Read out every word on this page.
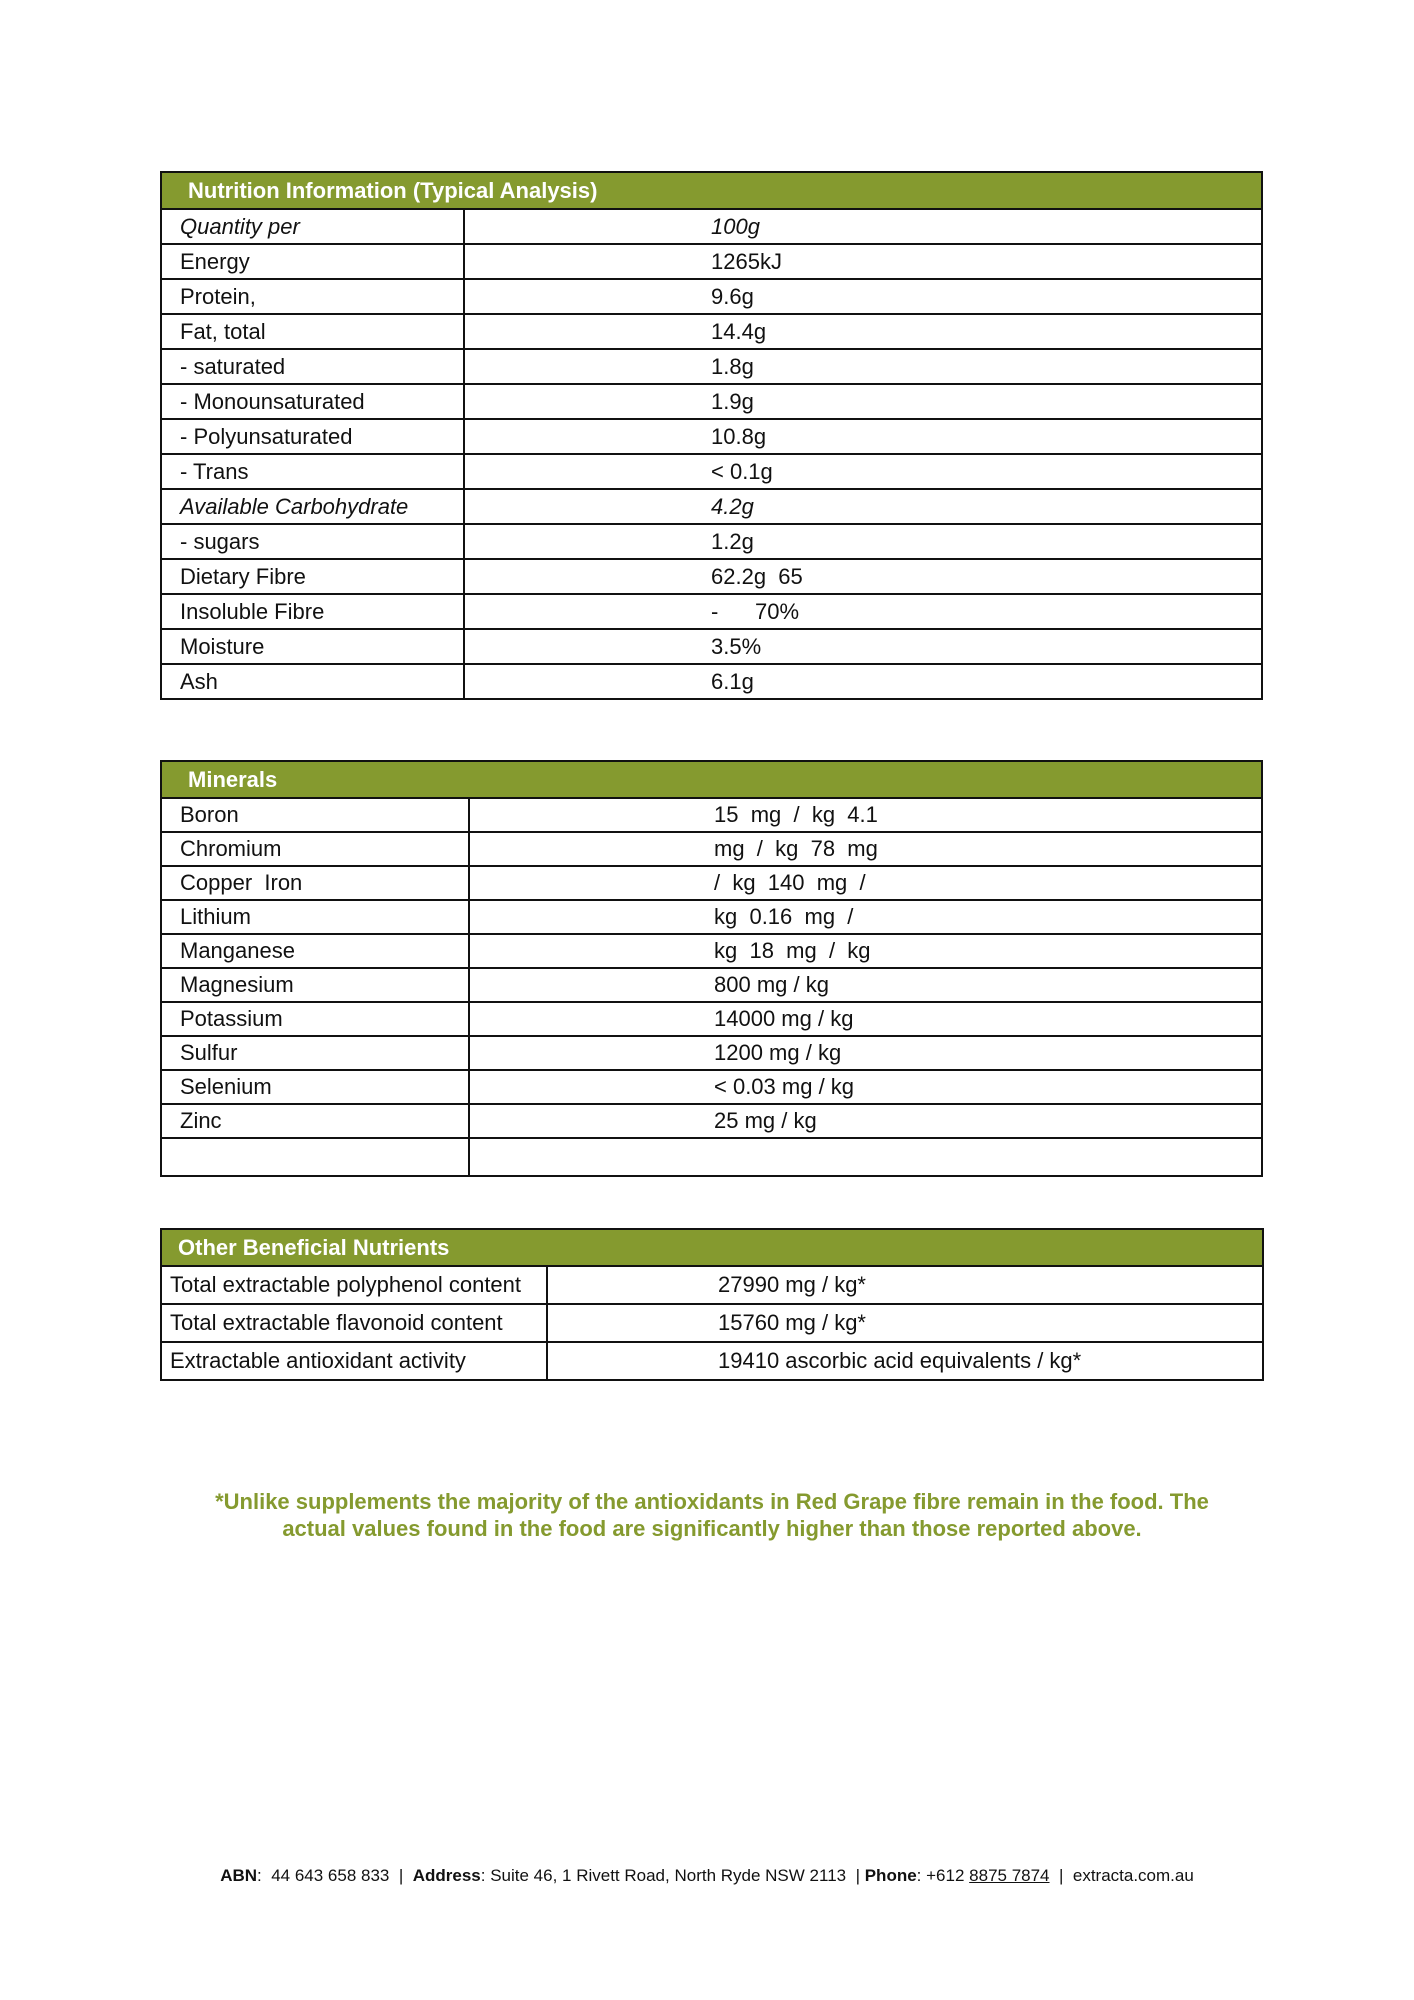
Nutrition Information (Typical Analysis)	
Quantity per	100g
Energy	1265kJ
Protein,	9.6g
Fat, total	14.4g
- saturated	1.8g
- Monounsaturated	1.9g
- Polyunsaturated	10.8g
- Trans	< 0.1g
Available Carbohydrate	4.2g
- sugars	1.2g
Dietary Fibre	62.2g  65
Insoluble Fibre	-      70%
Moisture	3.5%
Ash	6.1g
Minerals	
Boron	15  mg  /  kg  4.1
Chromium	mg  /  kg  78  mg
Copper  Iron	/  kg  140  mg  /
Lithium	kg  0.16  mg  /
Manganese	kg  18  mg  /  kg
Magnesium	800 mg / kg
Potassium	14000 mg / kg
Sulfur	1200 mg / kg
Selenium	< 0.03 mg / kg
Zinc	25 mg / kg

Other Beneficial Nutrients	
Total extractable polyphenol content	27990 mg / kg*
Total extractable flavonoid content	15760 mg / kg*
Extractable antioxidant activity	19410 ascorbic acid equivalents / kg*
*Unlike supplements the majority of the antioxidants in Red Grape fibre remain in the food. The
actual values found in the food are significantly higher than those reported above.
ABN:  44 643 658 833 | Address: Suite 46, 1 Rivett Road, North Ryde NSW 2113 | Phone: +612 8875 7874 | extracta.com.au
